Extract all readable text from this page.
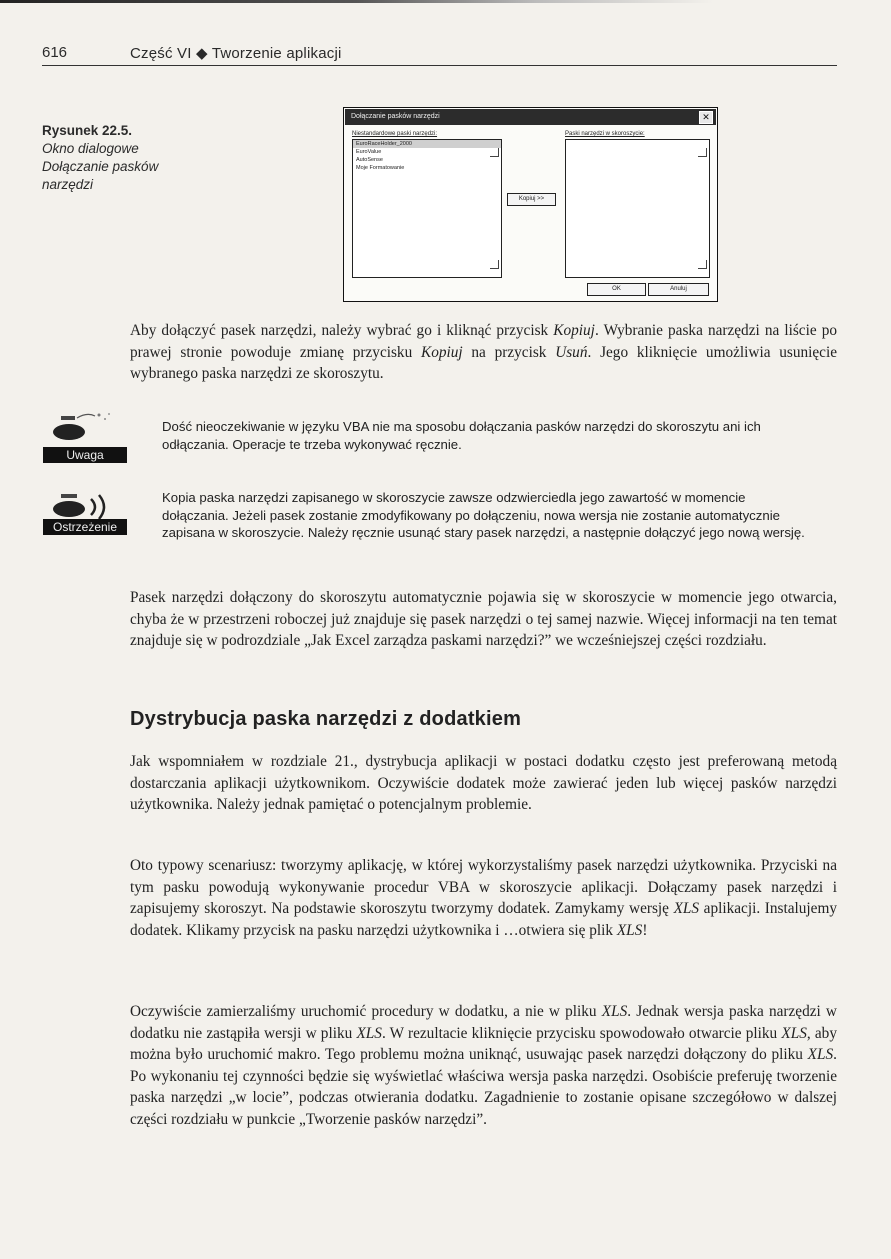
616	Część VI ◆ Tworzenie aplikacji
Rysunek 22.5.
Okno dialogowe Dołączanie pasków narzędzi
Dołączanie pasków narzędzi	✕
Niestandardowe paski narzędzi:
EuroRaceHolder_2000
EuroValue
AutoSense
Moje Formatowanie
Kopiuj >>
Paski narzędzi w skoroszycie:
OK	Anuluj

Aby dołączyć pasek narzędzi, należy wybrać go i kliknąć przycisk Kopiuj. Wybranie paska narzędzi na liście po prawej stronie powoduje zmianę przycisku Kopiuj na przycisk Usuń. Jego kliknięcie umożliwia usunięcie wybranego paska narzędzi ze skoroszytu.

Uwaga

Dość nieoczekiwanie w języku VBA nie ma sposobu dołączania pasków narzędzi do skoroszytu ani ich odłączania. Operacje te trzeba wykonywać ręcznie.

Ostrzeżenie

Kopia paska narzędzi zapisanego w skoroszycie zawsze odzwierciedla jego zawartość w momencie dołączania. Jeżeli pasek zostanie zmodyfikowany po dołączeniu, nowa wersja nie zostanie automatycznie zapisana w skoroszycie. Należy ręcznie usunąć stary pasek narzędzi, a następnie dołączyć jego nową wersję.

Pasek narzędzi dołączony do skoroszytu automatycznie pojawia się w skoroszycie w momencie jego otwarcia, chyba że w przestrzeni roboczej już znajduje się pasek narzędzi o tej samej nazwie. Więcej informacji na ten temat znajduje się w podrozdziale „Jak Excel zarządza paskami narzędzi?” we wcześniejszej części rozdziału.

Dystrybucja paska narzędzi z dodatkiem

Jak wspomniałem w rozdziale 21., dystrybucja aplikacji w postaci dodatku często jest preferowaną metodą dostarczania aplikacji użytkownikom. Oczywiście dodatek może zawierać jeden lub więcej pasków narzędzi użytkownika. Należy jednak pamiętać o potencjalnym problemie.

Oto typowy scenariusz: tworzymy aplikację, w której wykorzystaliśmy pasek narzędzi użytkownika. Przyciski na tym pasku powodują wykonywanie procedur VBA w skoroszycie aplikacji. Dołączamy pasek narzędzi i zapisujemy skoroszyt. Na podstawie skoroszytu tworzymy dodatek. Zamykamy wersję XLS aplikacji. Instalujemy dodatek. Klikamy przycisk na pasku narzędzi użytkownika i …otwiera się plik XLS!

Oczywiście zamierzaliśmy uruchomić procedury w dodatku, a nie w pliku XLS. Jednak wersja paska narzędzi w dodatku nie zastąpiła wersji w pliku XLS. W rezultacie kliknięcie przycisku spowodowało otwarcie pliku XLS, aby można było uruchomić makro. Tego problemu można uniknąć, usuwając pasek narzędzi dołączony do pliku XLS. Po wykonaniu tej czynności będzie się wyświetlać właściwa wersja paska narzędzi. Osobiście preferuję tworzenie paska narzędzi „w locie”, podczas otwierania dodatku. Zagadnienie to zostanie opisane szczegółowo w dalszej części rozdziału w punkcie „Tworzenie pasków narzędzi”.
